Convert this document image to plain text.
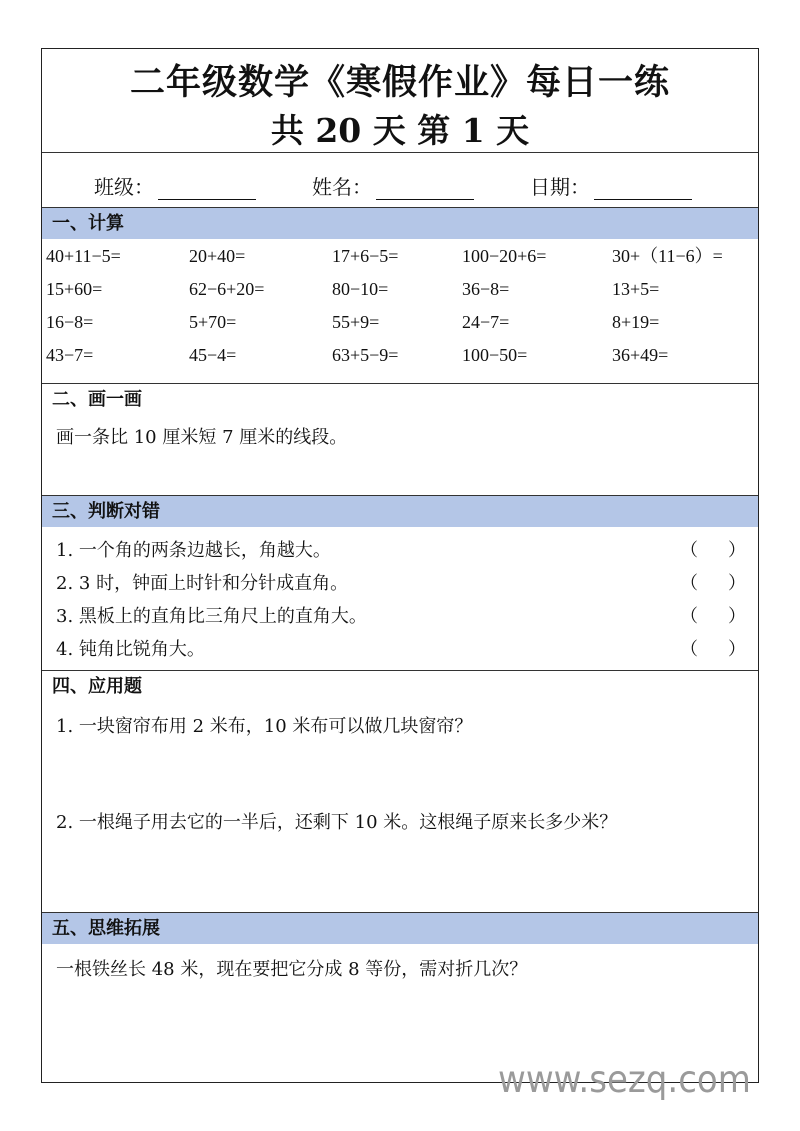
二年级数学《寒假作业》每日一练
共 20 天 第 1 天
班级：	姓名：	日期：
一、计算
40+11−5=	20+40=	17+6−5=	100−20+6=	30+（11−6）=
15+60=	62−6+20=	80−10=	36−8=	13+5=
16−8=	5+70=	55+9=	24−7=	8+19=
43−7=	45−4=	63+5−9=	100−50=	36+49=
二、画一画
画一条比 10 厘米短 7 厘米的线段。
三、判断对错
1. 一个角的两条边越长，角越大。	（ ）
2. 3 时，钟面上时针和分针成直角。	（ ）
3. 黑板上的直角比三角尺上的直角大。	（ ）
4. 钝角比锐角大。	（ ）
四、应用题
1. 一块窗帘布用 2 米布，10 米布可以做几块窗帘？
2. 一根绳子用去它的一半后，还剩下 10 米。这根绳子原来长多少米？
五、思维拓展
一根铁丝长 48 米，现在要把它分成 8 等份，需对折几次？
www.sezq.com
